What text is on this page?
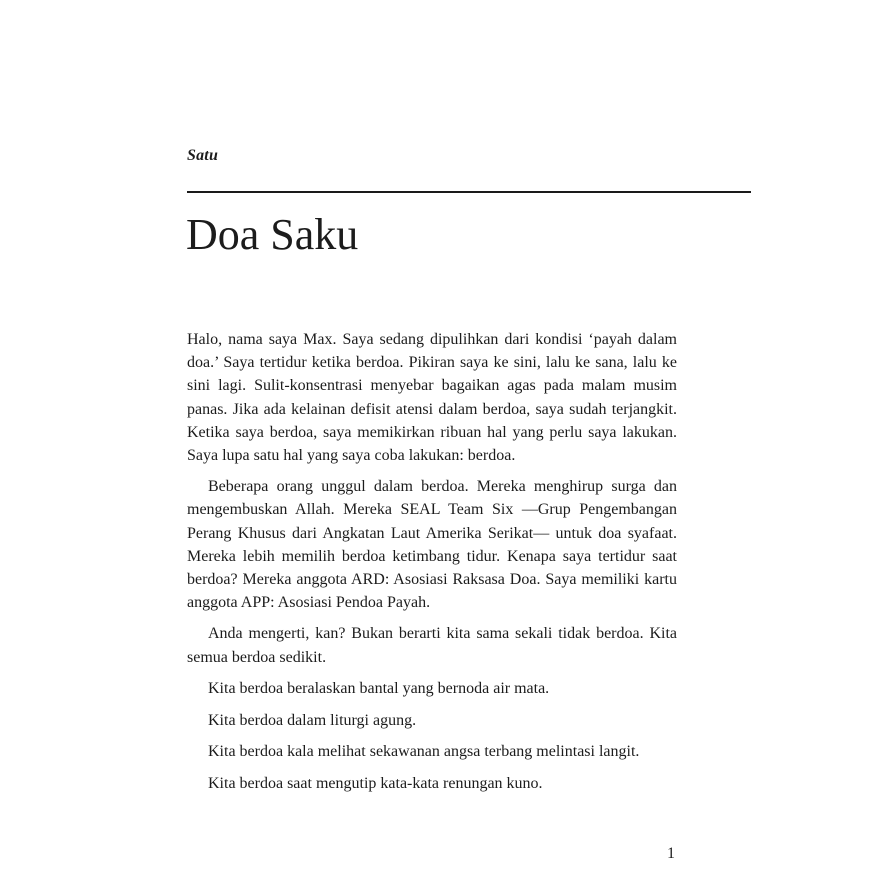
Satu
Doa Saku

Halo, nama saya Max. Saya sedang dipulihkan dari kondisi ‘payah dalam doa.’ Saya tertidur ketika berdoa. Pikiran saya ke sini, lalu ke sana, lalu ke sini lagi. Sulit-konsentrasi menyebar bagaikan agas pada malam musim panas. Jika ada kelainan defisit atensi dalam berdoa, saya sudah terjangkit. Ketika saya berdoa, saya memikirkan ribuan hal yang perlu saya lakukan. Saya lupa satu hal yang saya coba lakukan: berdoa.

Beberapa orang unggul dalam berdoa. Mereka menghirup surga dan mengembuskan Allah. Mereka SEAL Team Six —Grup Pengembangan Perang Khusus dari Angkatan Laut Amerika Serikat— untuk doa syafaat. Mereka lebih memilih berdoa ketimbang tidur. Kenapa saya tertidur saat berdoa? Mereka anggota ARD: Asosiasi Raksasa Doa. Saya memiliki kartu anggota APP: Asosiasi Pendoa Payah.

Anda mengerti, kan? Bukan berarti kita sama sekali tidak berdoa. Kita semua berdoa sedikit.

Kita berdoa beralaskan bantal yang bernoda air mata.

Kita berdoa dalam liturgi agung.

Kita berdoa kala melihat sekawanan angsa terbang melintasi langit.

Kita berdoa saat mengutip kata-kata renungan kuno.

1
